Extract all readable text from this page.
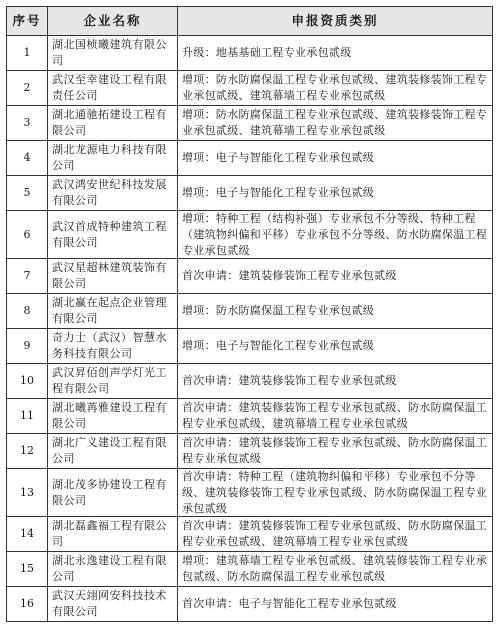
序号	企业名称	申报资质类别
1
湖北国桢曦建筑有限公司
升级：地基基础工程专业承包贰级
2
武汉至幸建设工程有限责任公司
增项：防水防腐保温工程专业承包贰级、建筑装修装饰工程专业承包贰级、建筑幕墙工程专业承包贰级
3
湖北通驰拓建设工程有限公司
增项：防水防腐保温工程专业承包贰级、建筑装修装饰工程专业承包贰级、建筑幕墙工程专业承包贰级
4
湖北龙源电力科技有限公司
增项：电子与智能化工程专业承包贰级
5
武汉鸿安世纪科技发展有限公司
增项：电子与智能化工程专业承包贰级
6
武汉首成特种建筑工程有限公司
增项：特种工程（结构补强）专业承包不分等级、特种工程（建筑物纠偏和平移）专业承包不分等级、防水防腐保温工程专业承包贰级
7
武汉星超林建筑装饰有限公司
首次申请：建筑装修装饰工程专业承包贰级
8
湖北赢在起点企业管理有限公司
增项：防水防腐保温工程专业承包贰级
9
奇力士（武汉）智慧水务科技有限公司
增项：电子与智能化工程专业承包贰级
10
武汉昇佰创声学灯光工程有限公司
首次申请：建筑装修装饰工程专业承包贰级
11
湖北曦苒雅建设工程有限公司
首次申请：建筑装修装饰工程专业承包贰级、防水防腐保温工程专业承包贰级、建筑幕墙工程专业承包贰级
12
湖北广义建设工程有限公司
首次申请：建筑装修装饰工程专业承包贰级、防水防腐保温工程专业承包贰级
13
湖北茂多协建设工程有限公司
首次申请：特种工程（建筑物纠偏和平移）专业承包不分等级、建筑装修装饰工程专业承包贰级、防水防腐保温工程专业承包贰级
14
湖北磊鑫福工程有限公司
首次申请：建筑装修装饰工程专业承包贰级、防水防腐保温工程专业承包贰级、建筑幕墙工程专业承包贰级
15
湖北永逸建设工程有限公司
增项：建筑幕墙工程专业承包贰级、建筑装修装饰工程专业承包贰级、防水防腐保温工程专业承包贰级
16
武汉天翊网安科技技术有限公司
首次申请：电子与智能化工程专业承包贰级
